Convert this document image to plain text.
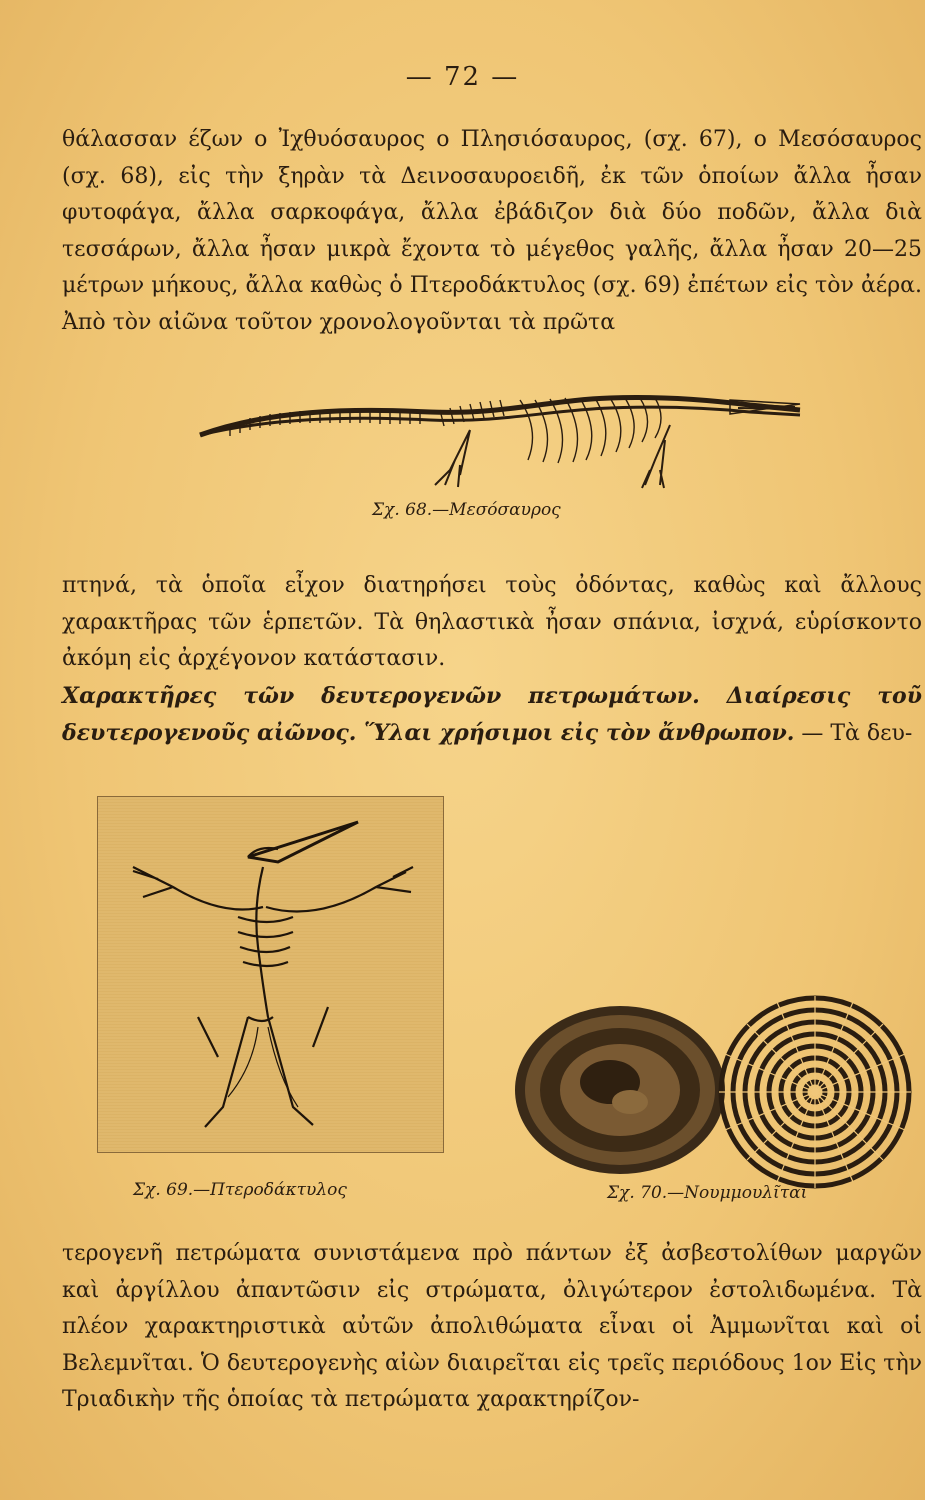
— 72 —

θάλασσαν έζων ο Ἰχθυόσαυρος ο Πλησιόσαυρος, (σχ. 67), ο Μεσόσαυρος (σχ. 68), εἰς τὴν ξηρὰν τὰ Δεινοσαυροειδῆ, ἐκ τῶν ὁποίων ἄλλα ἦσαν φυτοφάγα, ἄλλα σαρκοφάγα, ἄλλα ἐβάδιζον διὰ δύο ποδῶν, ἄλλα διὰ τεσσάρων, ἄλλα ἦσαν μικρὰ ἔχοντα τὸ μέγεθος γαλῆς, ἄλλα ἦσαν 20—25 μέτρων μήκους, ἄλλα καθὼς ὁ Πτεροδάκτυλος (σχ. 69) ἐπέτων εἰς τὸν ἀέρα. Ἀπὸ τὸν αἰῶνα τοῦτον χρονολογοῦνται τὰ πρῶτα

Σχ. 68.—Μεσόσαυρος

πτηνά, τὰ ὁποῖα εἶχον διατηρήσει τοὺς ὀδόντας, καθὼς καὶ ἄλλους χαρακτῆρας τῶν ἑρπετῶν. Τὰ θηλαστικὰ ἦσαν σπάνια, ἰσχνά, εὑρίσκοντο ἀκόμη εἰς ἀρχέγονον κατάστασιν.
Χαρακτῆρες τῶν δευτερογενῶν πετρωμάτων. Διαίρεσις τοῦ δευτερογενοῦς αἰῶνος. Ὕλαι χρήσιμοι εἰς τὸν ἄνθρωπον. — Τὰ δευ-

Σχ. 69.—Πτεροδάκτυλος	Σχ. 70.—Νουμμουλῖται

τερογενῆ πετρώματα συνιστάμενα πρὸ πάντων ἐξ ἀσβεστολίθων μαργῶν καὶ ἀργίλλου ἀπαντῶσιν εἰς στρώματα, ὀλιγώτερον ἐστολιδωμένα. Τὰ πλέον χαρακτηριστικὰ αὐτῶν ἀπολιθώματα εἶναι οἱ Ἀμμωνῖται καὶ οἱ Βελεμνῖται. Ὁ δευτερογενὴς αἰὼν διαιρεῖται εἰς τρεῖς περιόδους 1ον Εἰς τὴν Τριαδικὴν τῆς ὁποίας τὰ πετρώματα χαρακτηρίζον-
